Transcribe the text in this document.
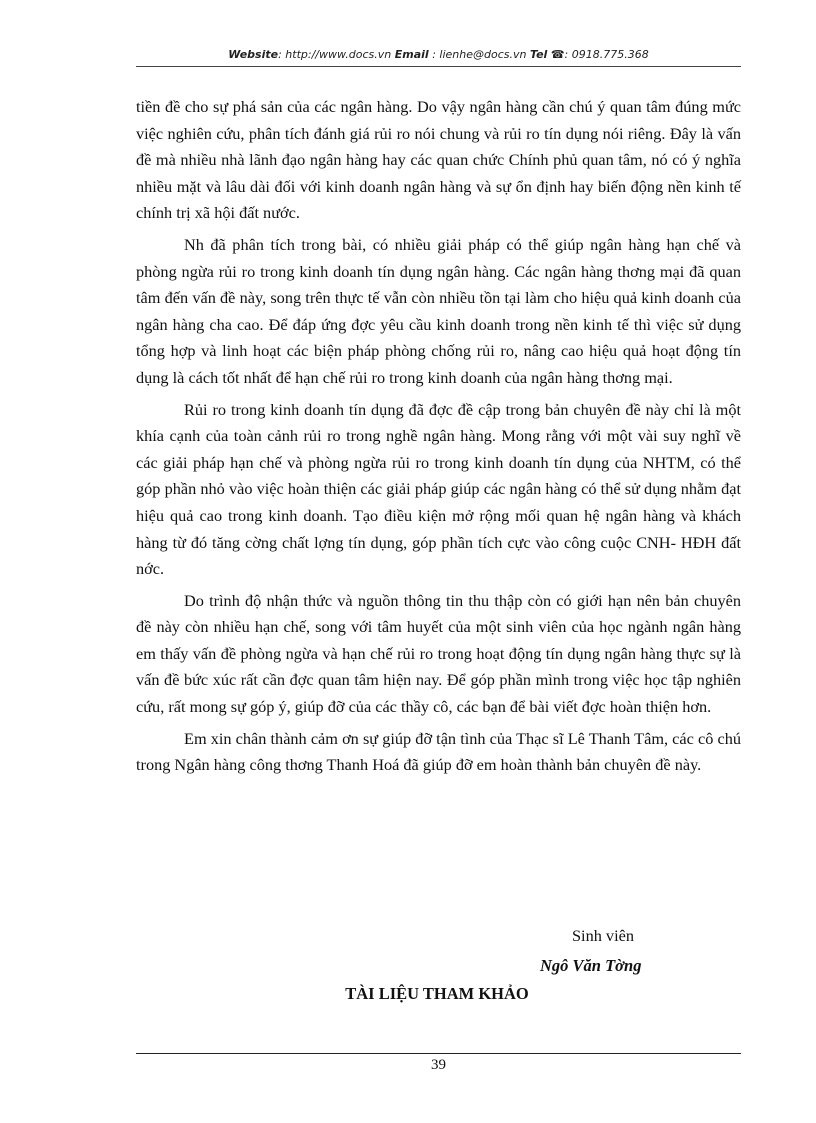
Website: http://www.docs.vn Email : lienhe@docs.vn Tel ☎: 0918.775.368

tiền đề cho sự phá sản của các ngân hàng. Do vậy ngân hàng cần chú ý quan tâm đúng mức việc nghiên cứu, phân tích đánh giá rủi ro nói chung và rủi ro tín dụng nói riêng. Đây là vấn đề mà nhiều nhà lãnh đạo ngân hàng hay các quan chức Chính phủ quan tâm, nó có ý nghĩa nhiều mặt và lâu dài đối với kinh doanh ngân hàng và sự ổn định hay biến động nền kinh tế chính trị xã hội đất nước.

Nh đã phân tích trong bài, có nhiều giải pháp có thể giúp ngân hàng hạn chế và phòng ngừa rủi ro trong kinh doanh tín dụng ngân hàng. Các ngân hàng thơng mại đã quan tâm đến vấn đề này, song trên thực tế vẫn còn nhiều tồn tại làm cho hiệu quả kinh doanh của ngân hàng cha cao. Để đáp ứng đợc yêu cầu kinh doanh trong nền kinh tế thì việc sử dụng tổng hợp và linh hoạt các biện pháp phòng chống rủi ro, nâng cao hiệu quả hoạt động tín dụng là cách tốt nhất để hạn chế rủi ro trong kinh doanh của ngân hàng thơng mại.

Rủi ro trong kinh doanh tín dụng đã đợc đề cập trong bản chuyên đề này chỉ là một khía cạnh của toàn cảnh rủi ro trong nghề ngân hàng. Mong rằng với một vài suy nghĩ về các giải pháp hạn chế và phòng ngừa rủi ro trong kinh doanh tín dụng của NHTM, có thể góp phần nhỏ vào việc hoàn thiện các giải pháp giúp các ngân hàng có thể sử dụng nhằm đạt hiệu quả cao trong kinh doanh. Tạo điều kiện mở rộng mối quan hệ ngân hàng và khách hàng từ đó tăng cờng chất lợng tín dụng, góp phần tích cực vào công cuộc CNH- HĐH đất nớc.

Do trình độ nhận thức và nguồn thông tin thu thập còn có giới hạn nên bản chuyên đề này còn nhiều hạn chế, song với tâm huyết của một sinh viên của học ngành ngân hàng em thấy vấn đề phòng ngừa và hạn chế rủi ro trong hoạt động tín dụng ngân hàng thực sự là vấn đề bức xúc rất cần đợc quan tâm hiện nay. Để góp phần mình trong việc học tập nghiên cứu, rất mong sự góp ý, giúp đỡ của các thầy cô, các bạn để bài viết đợc hoàn thiện hơn.

Em xin chân thành cảm ơn sự giúp đỡ tận tình của Thạc sĩ Lê Thanh Tâm, các cô chú trong Ngân hàng công thơng Thanh Hoá đã giúp đỡ em hoàn thành bản chuyên đề này.

Sinh viên
Ngô Văn Tờng
TÀI LIỆU THAM KHẢO
39
